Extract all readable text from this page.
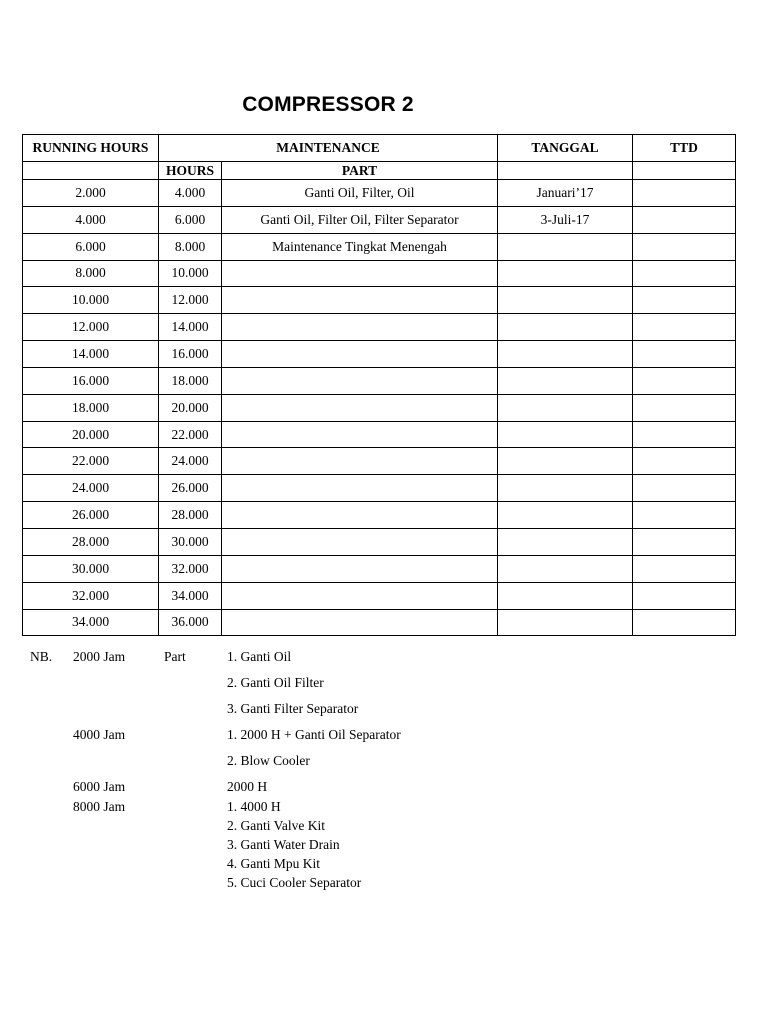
COMPRESSOR 2
RUNNING HOURS	MAINTENANCE		TANGGAL	TTD
	HOURS	PART		
2.000	4.000	Ganti Oil, Filter, Oil	Januari’17	
4.000	6.000	Ganti Oil, Filter Oil, Filter Separator	3-Juli-17	
6.000	8.000	Maintenance Tingkat Menengah		
8.000	10.000			
10.000	12.000			
12.000	14.000			
14.000	16.000			
16.000	18.000			
18.000	20.000			
20.000	22.000			
22.000	24.000			
24.000	26.000			
26.000	28.000			
28.000	30.000			
30.000	32.000			
32.000	34.000			
34.000	36.000			
NB. 2000 Jam	Part	1. Ganti Oil
2. Ganti Oil Filter
3. Ganti Filter Separator
4000 Jam	1. 2000 H + Ganti Oil Separator
2. Blow Cooler
6000 Jam	2000 H
8000 Jam	1. 4000 H
2. Ganti Valve Kit
3. Ganti Water Drain
4. Ganti Mpu Kit
5. Cuci Cooler Separator
